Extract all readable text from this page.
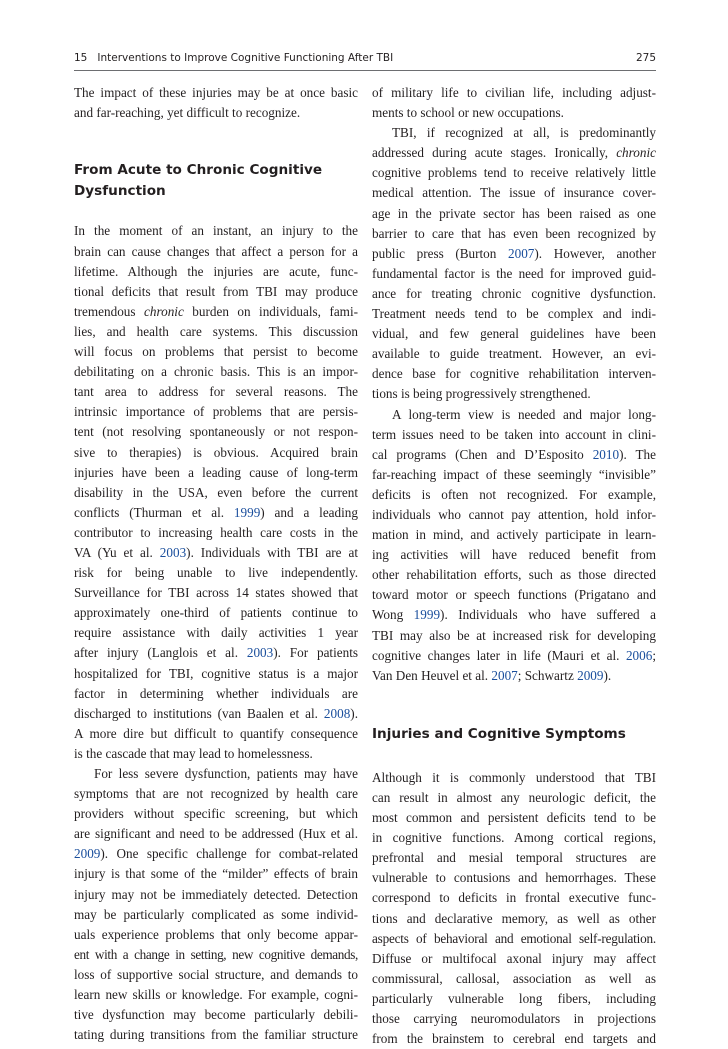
15 Interventions to Improve Cognitive Functioning After TBI	275
The impact of these injuries may be at once basic
and far-reaching, yet difficult to recognize.
From Acute to Chronic Cognitive
Dysfunction
In the moment of an instant, an injury to the
brain can cause changes that affect a person for a
lifetime. Although the injuries are acute, func-
tional deficits that result from TBI may produce
tremendous chronic burden on individuals, fami-
lies, and health care systems. This discussion
will focus on problems that persist to become
debilitating on a chronic basis. This is an impor-
tant area to address for several reasons. The
intrinsic importance of problems that are persis-
tent (not resolving spontaneously or not respon-
sive to therapies) is obvious. Acquired brain
injuries have been a leading cause of long-term
disability in the USA, even before the current
conflicts (Thurman et al. 1999) and a leading
contributor to increasing health care costs in the
VA (Yu et al. 2003). Individuals with TBI are at
risk for being unable to live independently.
Surveillance for TBI across 14 states showed that
approximately one-third of patients continue to
require assistance with daily activities 1 year
after injury (Langlois et al. 2003). For patients
hospitalized for TBI, cognitive status is a major
factor in determining whether individuals are
discharged to institutions (van Baalen et al. 2008).
A more dire but difficult to quantify consequence
is the cascade that may lead to homelessness.
For less severe dysfunction, patients may have
symptoms that are not recognized by health care
providers without specific screening, but which
are significant and need to be addressed (Hux et al.
2009). One specific challenge for combat-related
injury is that some of the “milder” effects of brain
injury may not be immediately detected. Detection
may be particularly complicated as some individ-
uals experience problems that only become appar-
ent with a change in setting, new cognitive demands,
loss of supportive social structure, and demands to
learn new skills or knowledge. For example, cogni-
tive dysfunction may become particularly debili-
tating during transitions from the familiar structure
of military life to civilian life, including adjust-
ments to school or new occupations.
TBI, if recognized at all, is predominantly
addressed during acute stages. Ironically, chronic
cognitive problems tend to receive relatively little
medical attention. The issue of insurance cover-
age in the private sector has been raised as one
barrier to care that has even been recognized by
public press (Burton 2007). However, another
fundamental factor is the need for improved guid-
ance for treating chronic cognitive dysfunction.
Treatment needs tend to be complex and indi-
vidual, and few general guidelines have been
available to guide treatment. However, an evi-
dence base for cognitive rehabilitation interven-
tions is being progressively strengthened.
A long-term view is needed and major long-
term issues need to be taken into account in clini-
cal programs (Chen and D’Esposito 2010). The
far-reaching impact of these seemingly “invisible”
deficits is often not recognized. For example,
individuals who cannot pay attention, hold infor-
mation in mind, and actively participate in learn-
ing activities will have reduced benefit from
other rehabilitation efforts, such as those directed
toward motor or speech functions (Prigatano and
Wong 1999). Individuals who have suffered a
TBI may also be at increased risk for developing
cognitive changes later in life (Mauri et al. 2006;
Van Den Heuvel et al. 2007; Schwartz 2009).
Injuries and Cognitive Symptoms
Although it is commonly understood that TBI
can result in almost any neurologic deficit, the
most common and persistent deficits tend to be
in cognitive functions. Among cortical regions,
prefrontal and mesial temporal structures are
vulnerable to contusions and hemorrhages. These
correspond to deficits in frontal executive func-
tions and declarative memory, as well as other
aspects of behavioral and emotional self-regulation.
Diffuse or multifocal axonal injury may affect
commissural, callosal, association as well as
particularly vulnerable long fibers, including
those carrying neuromodulators in projections
from the brainstem to cerebral end targets and
